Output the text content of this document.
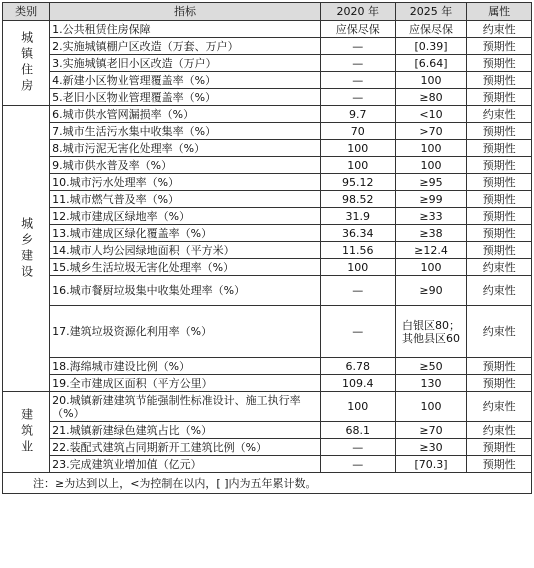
类别	指标	2020 年	2025 年	属性
城镇住房	1.公共租赁住房保障	应保尽保	应保尽保	约束性
	2.实施城镇棚户区改造（万套、万户）	—	[0.39]	预期性
	3.实施城镇老旧小区改造（万户）	—	[6.64]	预期性
	4.新建小区物业管理覆盖率（%）	—	100	预期性
	5.老旧小区物业管理覆盖率（%）	—	≥80	预期性
城乡建设	6.城市供水管网漏损率（%）	9.7	<10	约束性
	7.城市生活污水集中收集率（%）	70	>70	预期性
	8.城市污泥无害化处理率（%）	100	100	预期性
	9.城市供水普及率（%）	100	100	预期性
	10.城市污水处理率（%）	95.12	≥95	预期性
	11.城市燃气普及率（%）	98.52	≥99	预期性
	12.城市建成区绿地率（%）	31.9	≥33	预期性
	13.城市建成区绿化覆盖率（%）	36.34	≥38	预期性
	14.城市人均公园绿地面积（平方米）	11.56	≥12.4	预期性
	15.城乡生活垃圾无害化处理率（%）	100	100	约束性
	16.城市餐厨垃圾集中收集处理率（%）	—	≥90	约束性
	17.建筑垃圾资源化利用率（%）	—	白银区80；其他县区60	约束性
	18.海绵城市建设比例（%）	6.78	≥50	预期性
	19.全市建成区面积（平方公里）	109.4	130	预期性
建筑业	20.城镇新建建筑节能强制性标准设计、施工执行率（%）	100	100	约束性
	21.城镇新建绿色建筑占比（%）	68.1	≥70	约束性
	22.装配式建筑占同期新开工建筑比例（%）	—	≥30	预期性
	23.完成建筑业增加值（亿元）	—	[70.3]	预期性
注：≥为达到以上，<为控制在以内，[ ]内为五年累计数。				
